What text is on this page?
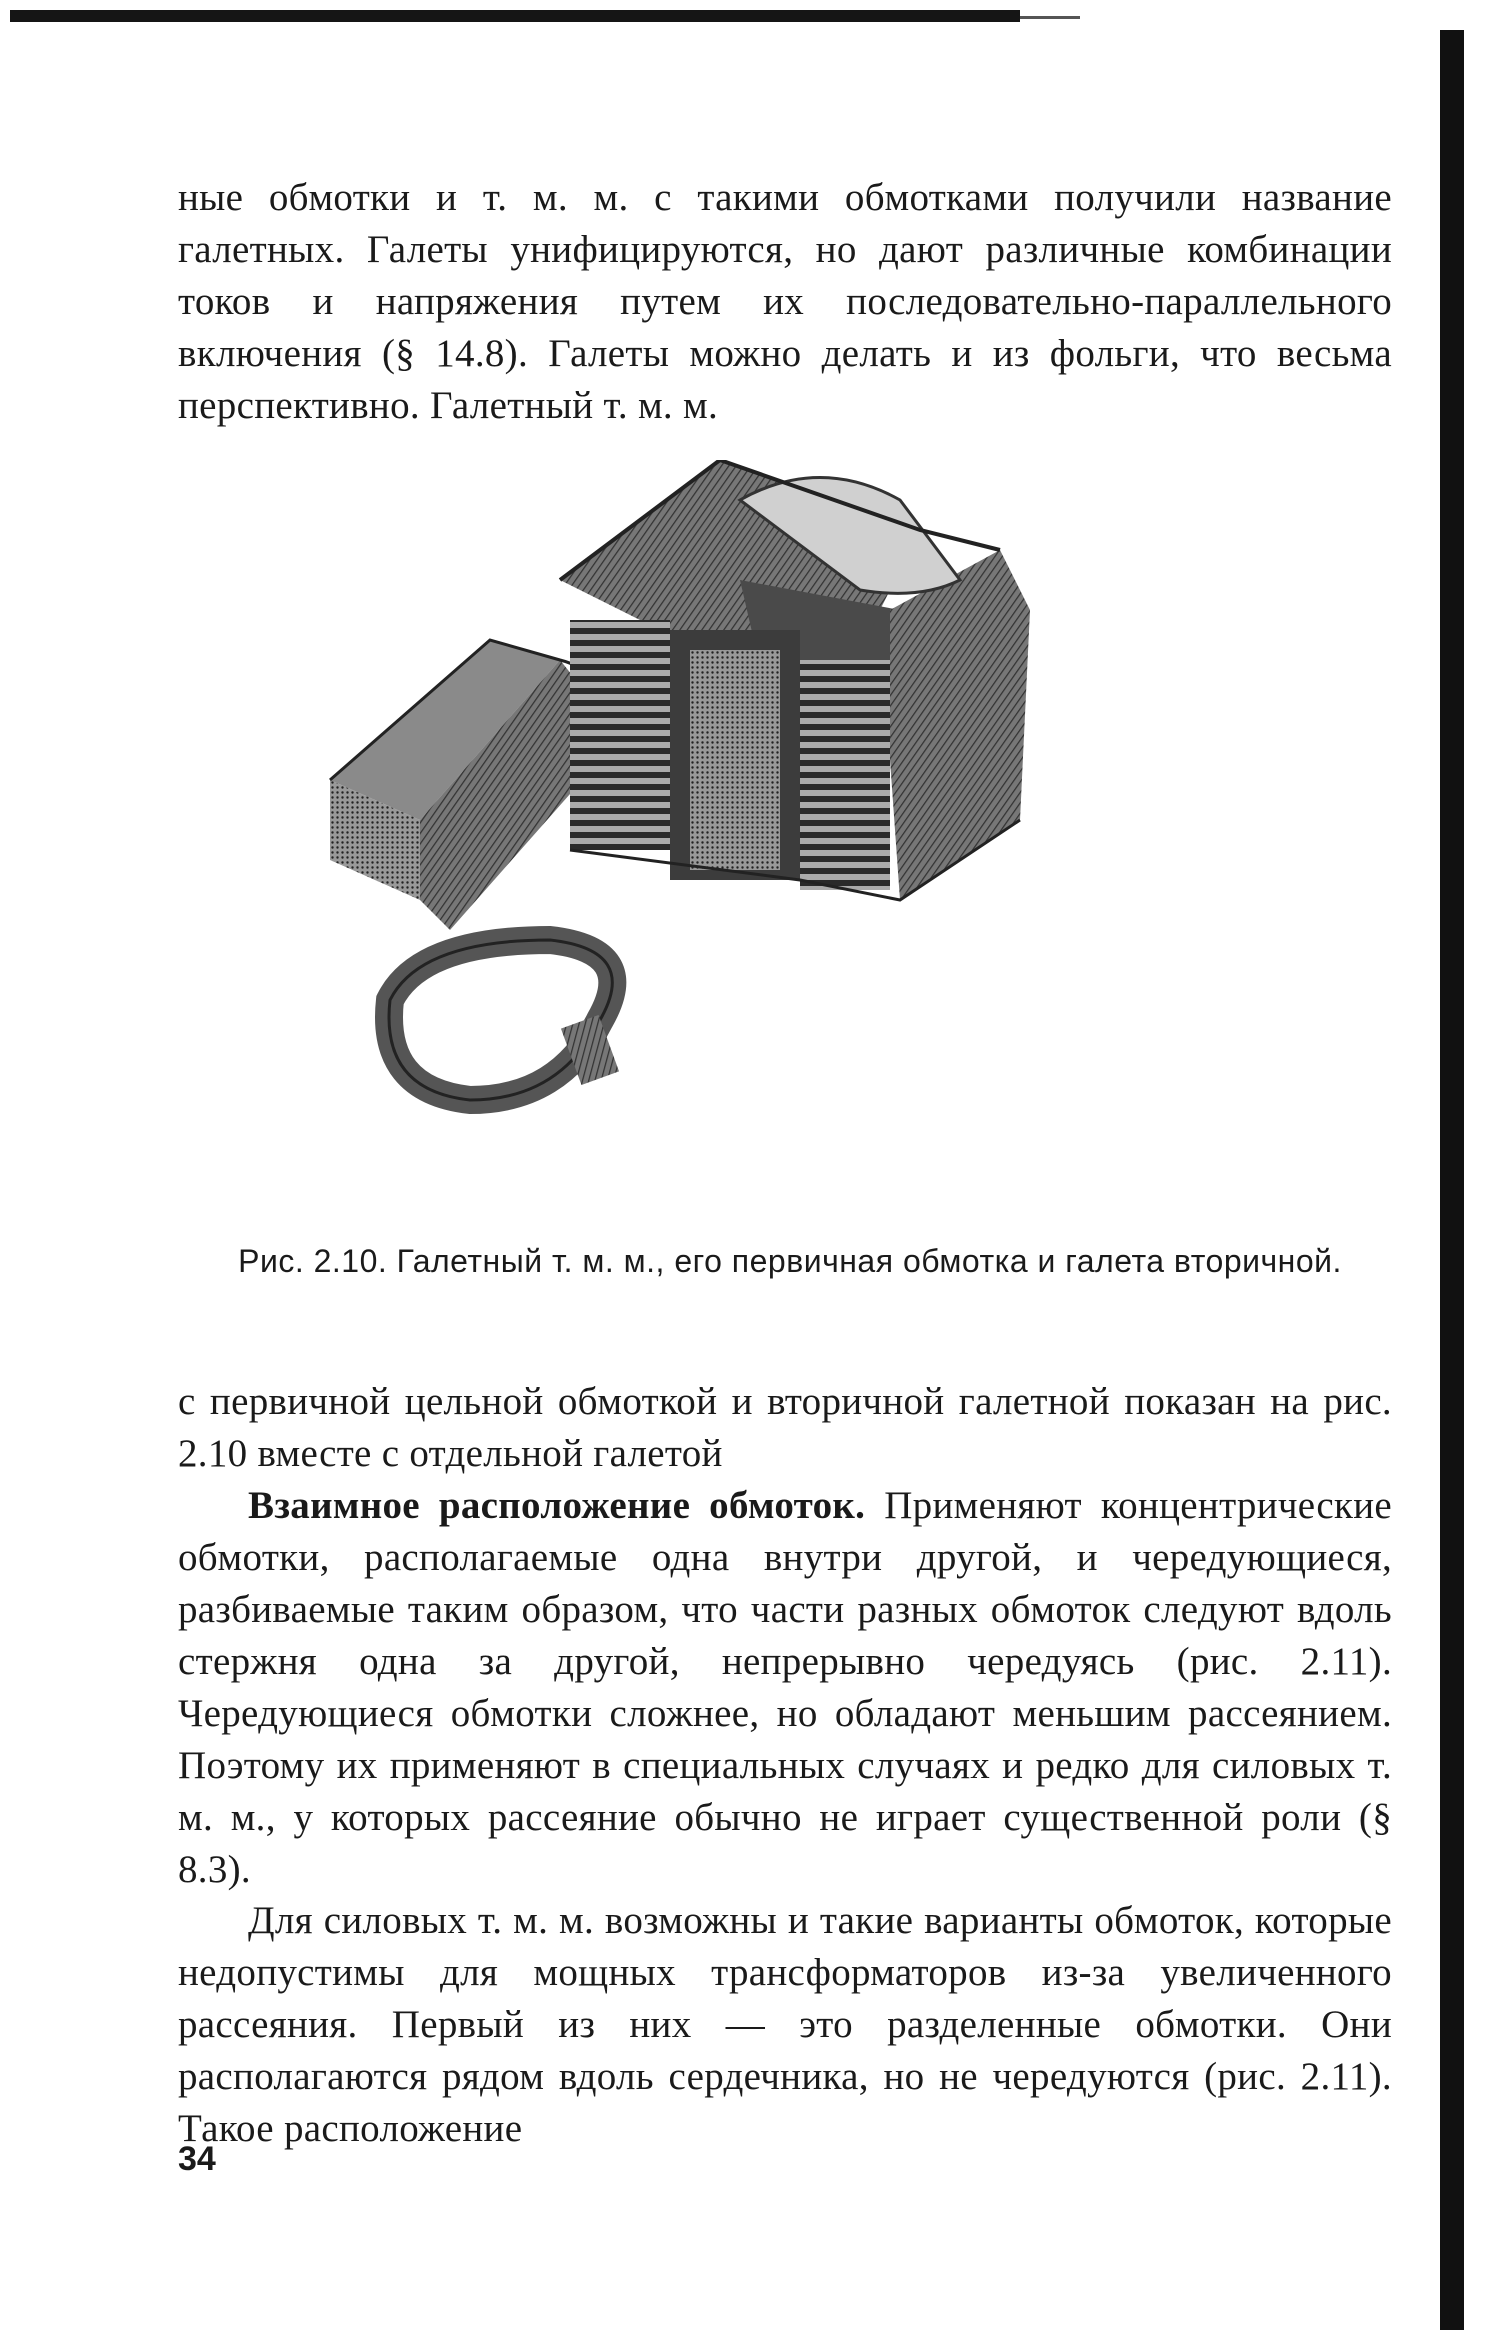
ные обмотки и т. м. м. с такими обмотками получили название галетных. Галеты унифицируются, но дают различные комбинации токов и напряжения путем их последовательно-параллельного включения (§ 14.8). Галеты можно делать и из фольги, что весьма перспективно. Галетный т. м. м.

Рис. 2.10. Галетный т. м. м., его первичная обмотка и галета вторичной.

с первичной цельной обмоткой и вторичной галетной показан на рис. 2.10 вместе с отдельной галетой

Взаимное расположение обмоток. Применяют концентрические обмотки, располагаемые одна внутри другой, и чередующиеся, разбиваемые таким образом, что части разных обмоток следуют вдоль стержня одна за другой, непрерывно чередуясь (рис. 2.11). Чередующиеся обмотки сложнее, но обладают меньшим рассеянием. Поэтому их применяют в специальных случаях и редко для силовых т. м. м., у которых рассеяние обычно не играет существенной роли (§ 8.3).

Для силовых т. м. м. возможны и такие варианты обмоток, которые недопустимы для мощных трансформаторов из-за увеличенного рассеяния. Первый из них — это разделенные обмотки. Они располагаются рядом вдоль сердечника, но не чередуются (рис. 2.11). Такое расположение

34
